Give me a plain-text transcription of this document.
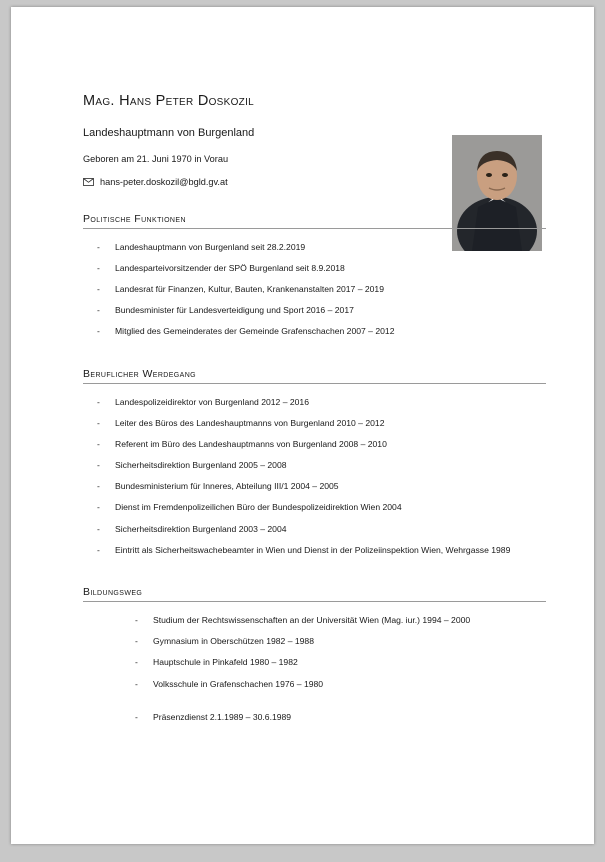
Mag. Hans Peter Doskozil
Landeshauptmann von Burgenland
Geboren am 21. Juni 1970 in Vorau
hans-peter.doskozil@bgld.gv.at
Politische Funktionen
- Landeshauptmann von Burgenland seit 28.2.2019
- Landesparteivorsitzender der SPÖ Burgenland seit 8.9.2018
- Landesrat für Finanzen, Kultur, Bauten, Krankenanstalten 2017 – 2019
- Bundesminister für Landesverteidigung und Sport 2016 – 2017
- Mitglied des Gemeinderates der Gemeinde Grafenschachen 2007 – 2012
Beruflicher Werdegang
- Landespolizeidirektor von Burgenland 2012 – 2016
- Leiter des Büros des Landeshauptmanns von Burgenland 2010 – 2012
- Referent im Büro des Landeshauptmanns von Burgenland 2008 – 2010
- Sicherheitsdirektion Burgenland 2005 – 2008
- Bundesministerium für Inneres, Abteilung III/1 2004 – 2005
- Dienst im Fremdenpolizeilichen Büro der Bundespolizeidirektion Wien 2004
- Sicherheitsdirektion Burgenland 2003 – 2004
- Eintritt als Sicherheitswachebeamter in Wien und Dienst in der Polizeiinspektion Wien, Wehrgasse 1989
Bildungsweg
- Studium der Rechtswissenschaften an der Universität Wien (Mag. iur.) 1994 – 2000
- Gymnasium in Oberschützen 1982 – 1988
- Hauptschule in Pinkafeld 1980 – 1982
- Volksschule in Grafenschachen 1976 – 1980
- Präsenzdienst 2.1.1989 – 30.6.1989
